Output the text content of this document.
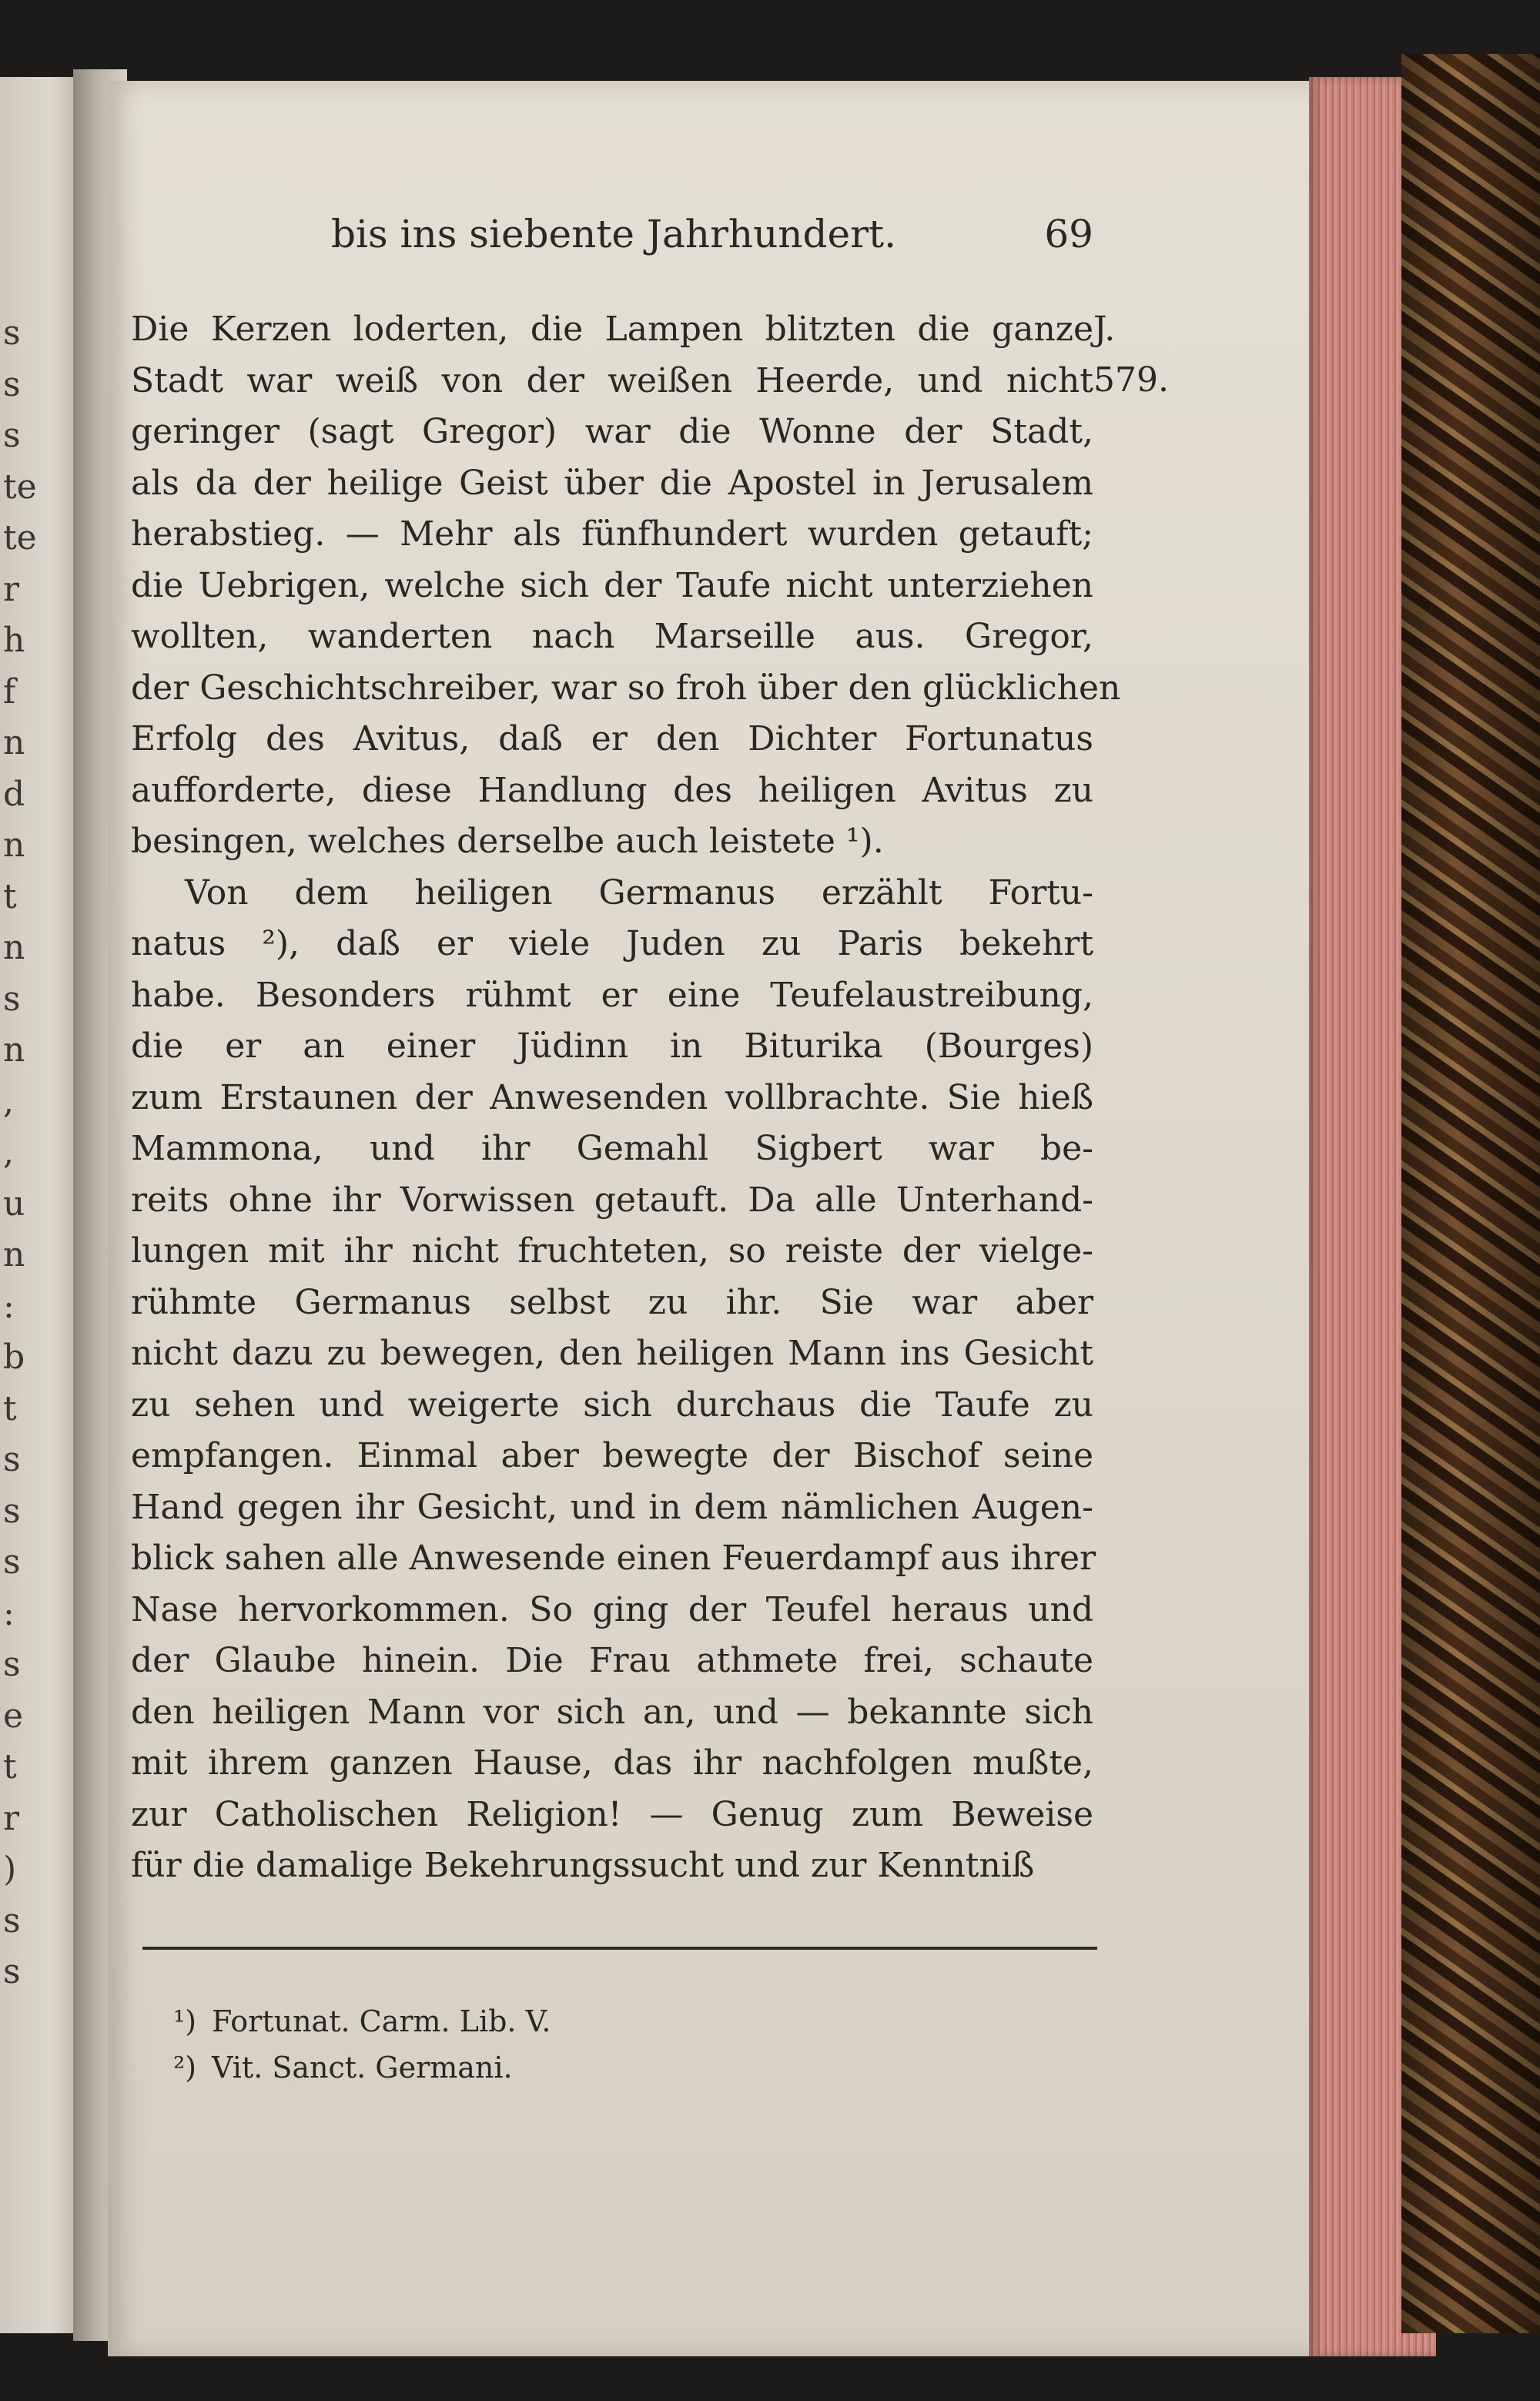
s
s
s
te
te
r
h
f
n
d
n
t
n
s
n
,
,
u
n
:
b
t
s
s
s
:
s
e
t
r
)
s
s
bis ins siebente Jahrhundert.	69
J.
579.
Die Kerzen loderten, die Lampen blitzten die ganze
Stadt war weiß von der weißen Heerde, und nicht
geringer (sagt Gregor) war die Wonne der Stadt,
als da der heilige Geist über die Apostel in Jerusalem
herabstieg. — Mehr als fünfhundert wurden getauft;
die Uebrigen, welche sich der Taufe nicht unterziehen
wollten, wanderten nach Marseille aus. Gregor,
der Geschichtschreiber, war so froh über den glücklichen
Erfolg des Avitus, daß er den Dichter Fortunatus
aufforderte, diese Handlung des heiligen Avitus zu
besingen, welches derselbe auch leistete ¹).
Von dem heiligen Germanus erzählt Fortu-
natus ²), daß er viele Juden zu Paris bekehrt
habe. Besonders rühmt er eine Teufelaustreibung,
die er an einer Jüdinn in Biturika (Bourges)
zum Erstaunen der Anwesenden vollbrachte. Sie hieß
Mammona, und ihr Gemahl Sigbert war be-
reits ohne ihr Vorwissen getauft. Da alle Unterhand-
lungen mit ihr nicht fruchteten, so reiste der vielge-
rühmte Germanus selbst zu ihr. Sie war aber
nicht dazu zu bewegen, den heiligen Mann ins Gesicht
zu sehen und weigerte sich durchaus die Taufe zu
empfangen. Einmal aber bewegte der Bischof seine
Hand gegen ihr Gesicht, und in dem nämlichen Augen-
blick sahen alle Anwesende einen Feuerdampf aus ihrer
Nase hervorkommen. So ging der Teufel heraus und
der Glaube hinein. Die Frau athmete frei, schaute
den heiligen Mann vor sich an, und — bekannte sich
mit ihrem ganzen Hause, das ihr nachfolgen mußte,
zur Catholischen Religion! — Genug zum Beweise
für die damalige Bekehrungssucht und zur Kenntniß
¹) Fortunat. Carm. Lib. V.
²) Vit. Sanct. Germani.
